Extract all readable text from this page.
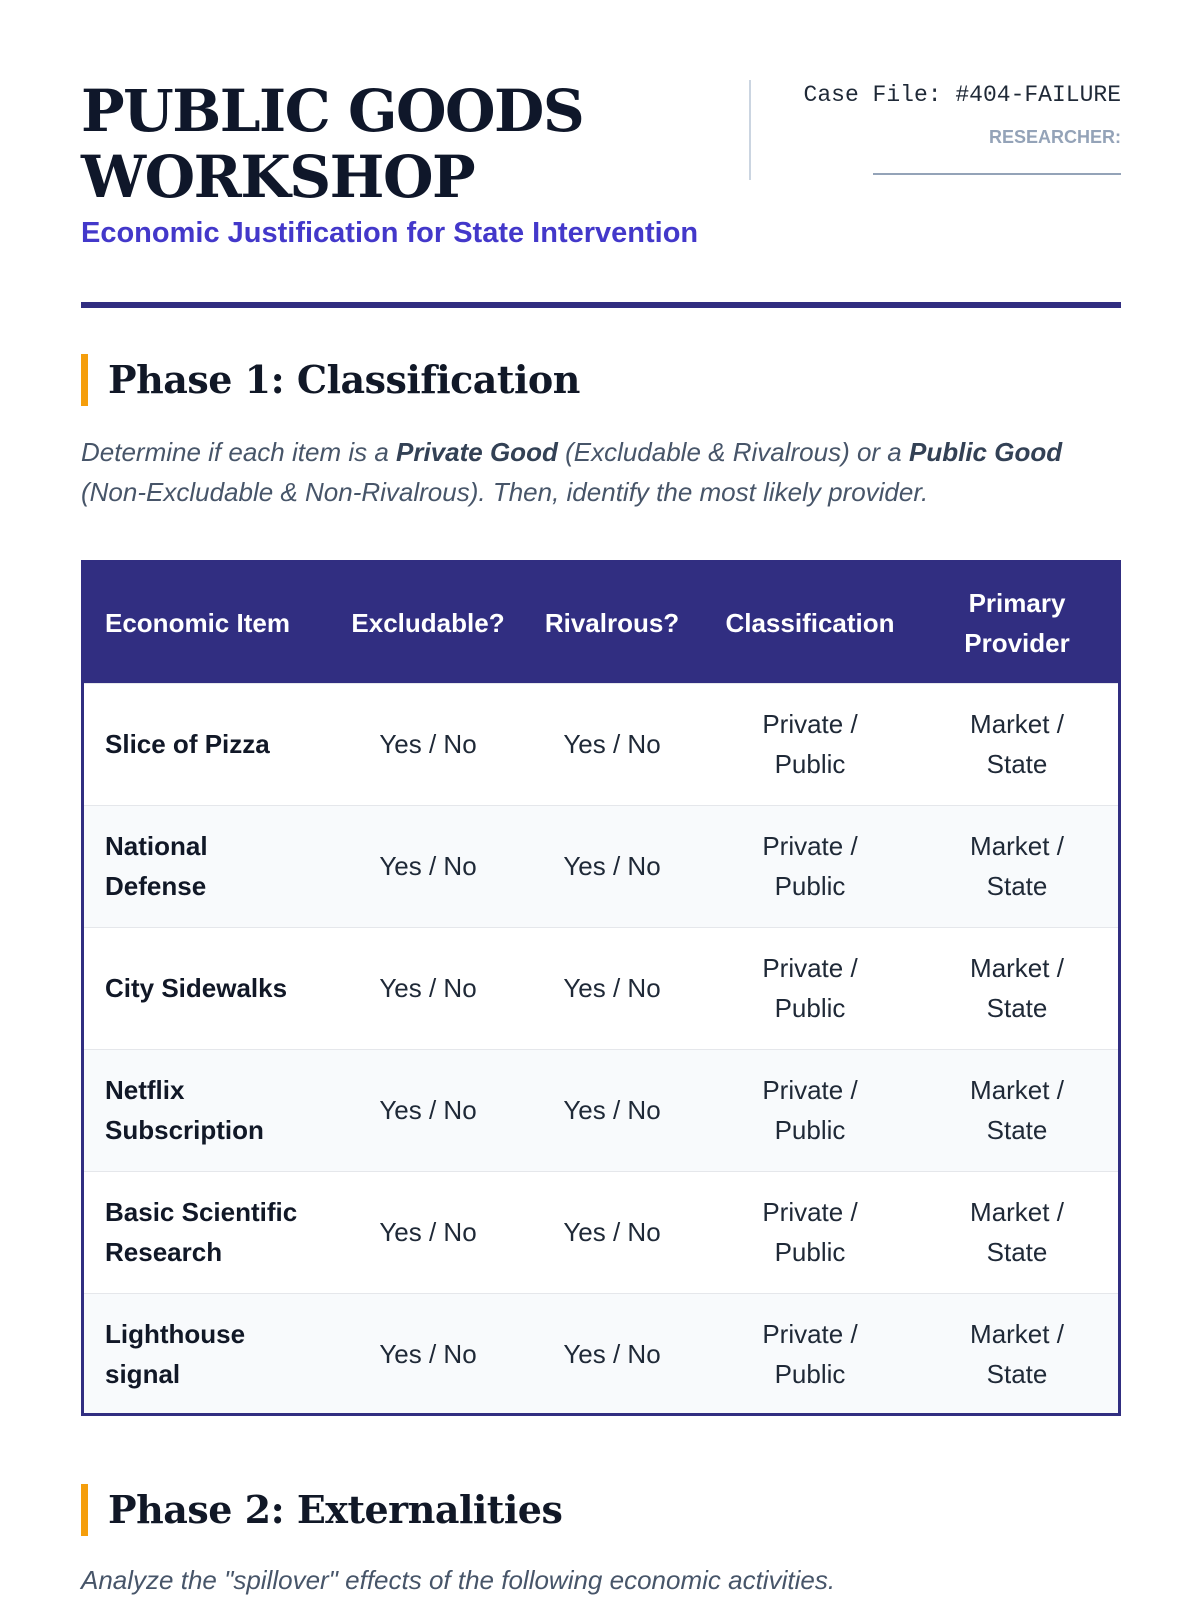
PUBLIC GOODS WORKSHOP
Economic Justification for State Intervention
Case File: #404-FAILURE
RESEARCHER:
Phase 1: Classification

Determine if each item is a Private Good (Excludable & Rivalrous) or a Public Good (Non-Excludable & Non-Rivalrous). Then, identify the most likely provider.

Economic Item	Excludable?	Rivalrous?	Classification	Primary Provider
Slice of Pizza	Yes / No	Yes / No	Private / Public	Market / State
National Defense	Yes / No	Yes / No	Private / Public	Market / State
City Sidewalks	Yes / No	Yes / No	Private / Public	Market / State
Netflix Subscription	Yes / No	Yes / No	Private / Public	Market / State
Basic Scientific Research	Yes / No	Yes / No	Private / Public	Market / State
Lighthouse signal	Yes / No	Yes / No	Private / Public	Market / State
Phase 2: Externalities

Analyze the "spillover" effects of the following economic activities.
